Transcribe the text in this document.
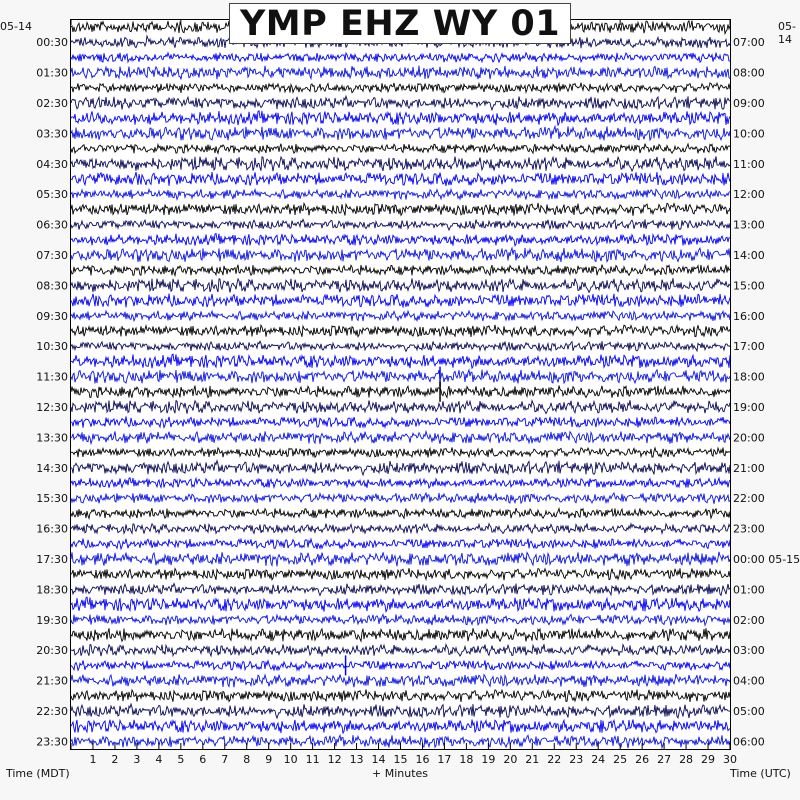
00:30
01:30
02:30
03:30
04:30
05:30
06:30
07:30
08:30
09:30
10:30
11:30
12:30
13:30
14:30
15:30
16:30
17:30
18:30
19:30
20:30
21:30
22:30
23:30
07:00
08:00
09:00
10:00
11:00
12:00
13:00
14:00
15:00
16:00
17:00
18:00
19:00
20:00
21:00
22:00
23:00
00:00 05-15
01:00
02:00
03:00
04:00
05:00
06:00
1 2 3 4 5 6 7 8 9 10 11 12 13 14 15 16 17 18 19 20 21 22 23 24 25 26 27 28 29 30
YMP EHZ WY 01
05-14	05-14
Time (MDT)	+ Minutes	Time (UTC)
